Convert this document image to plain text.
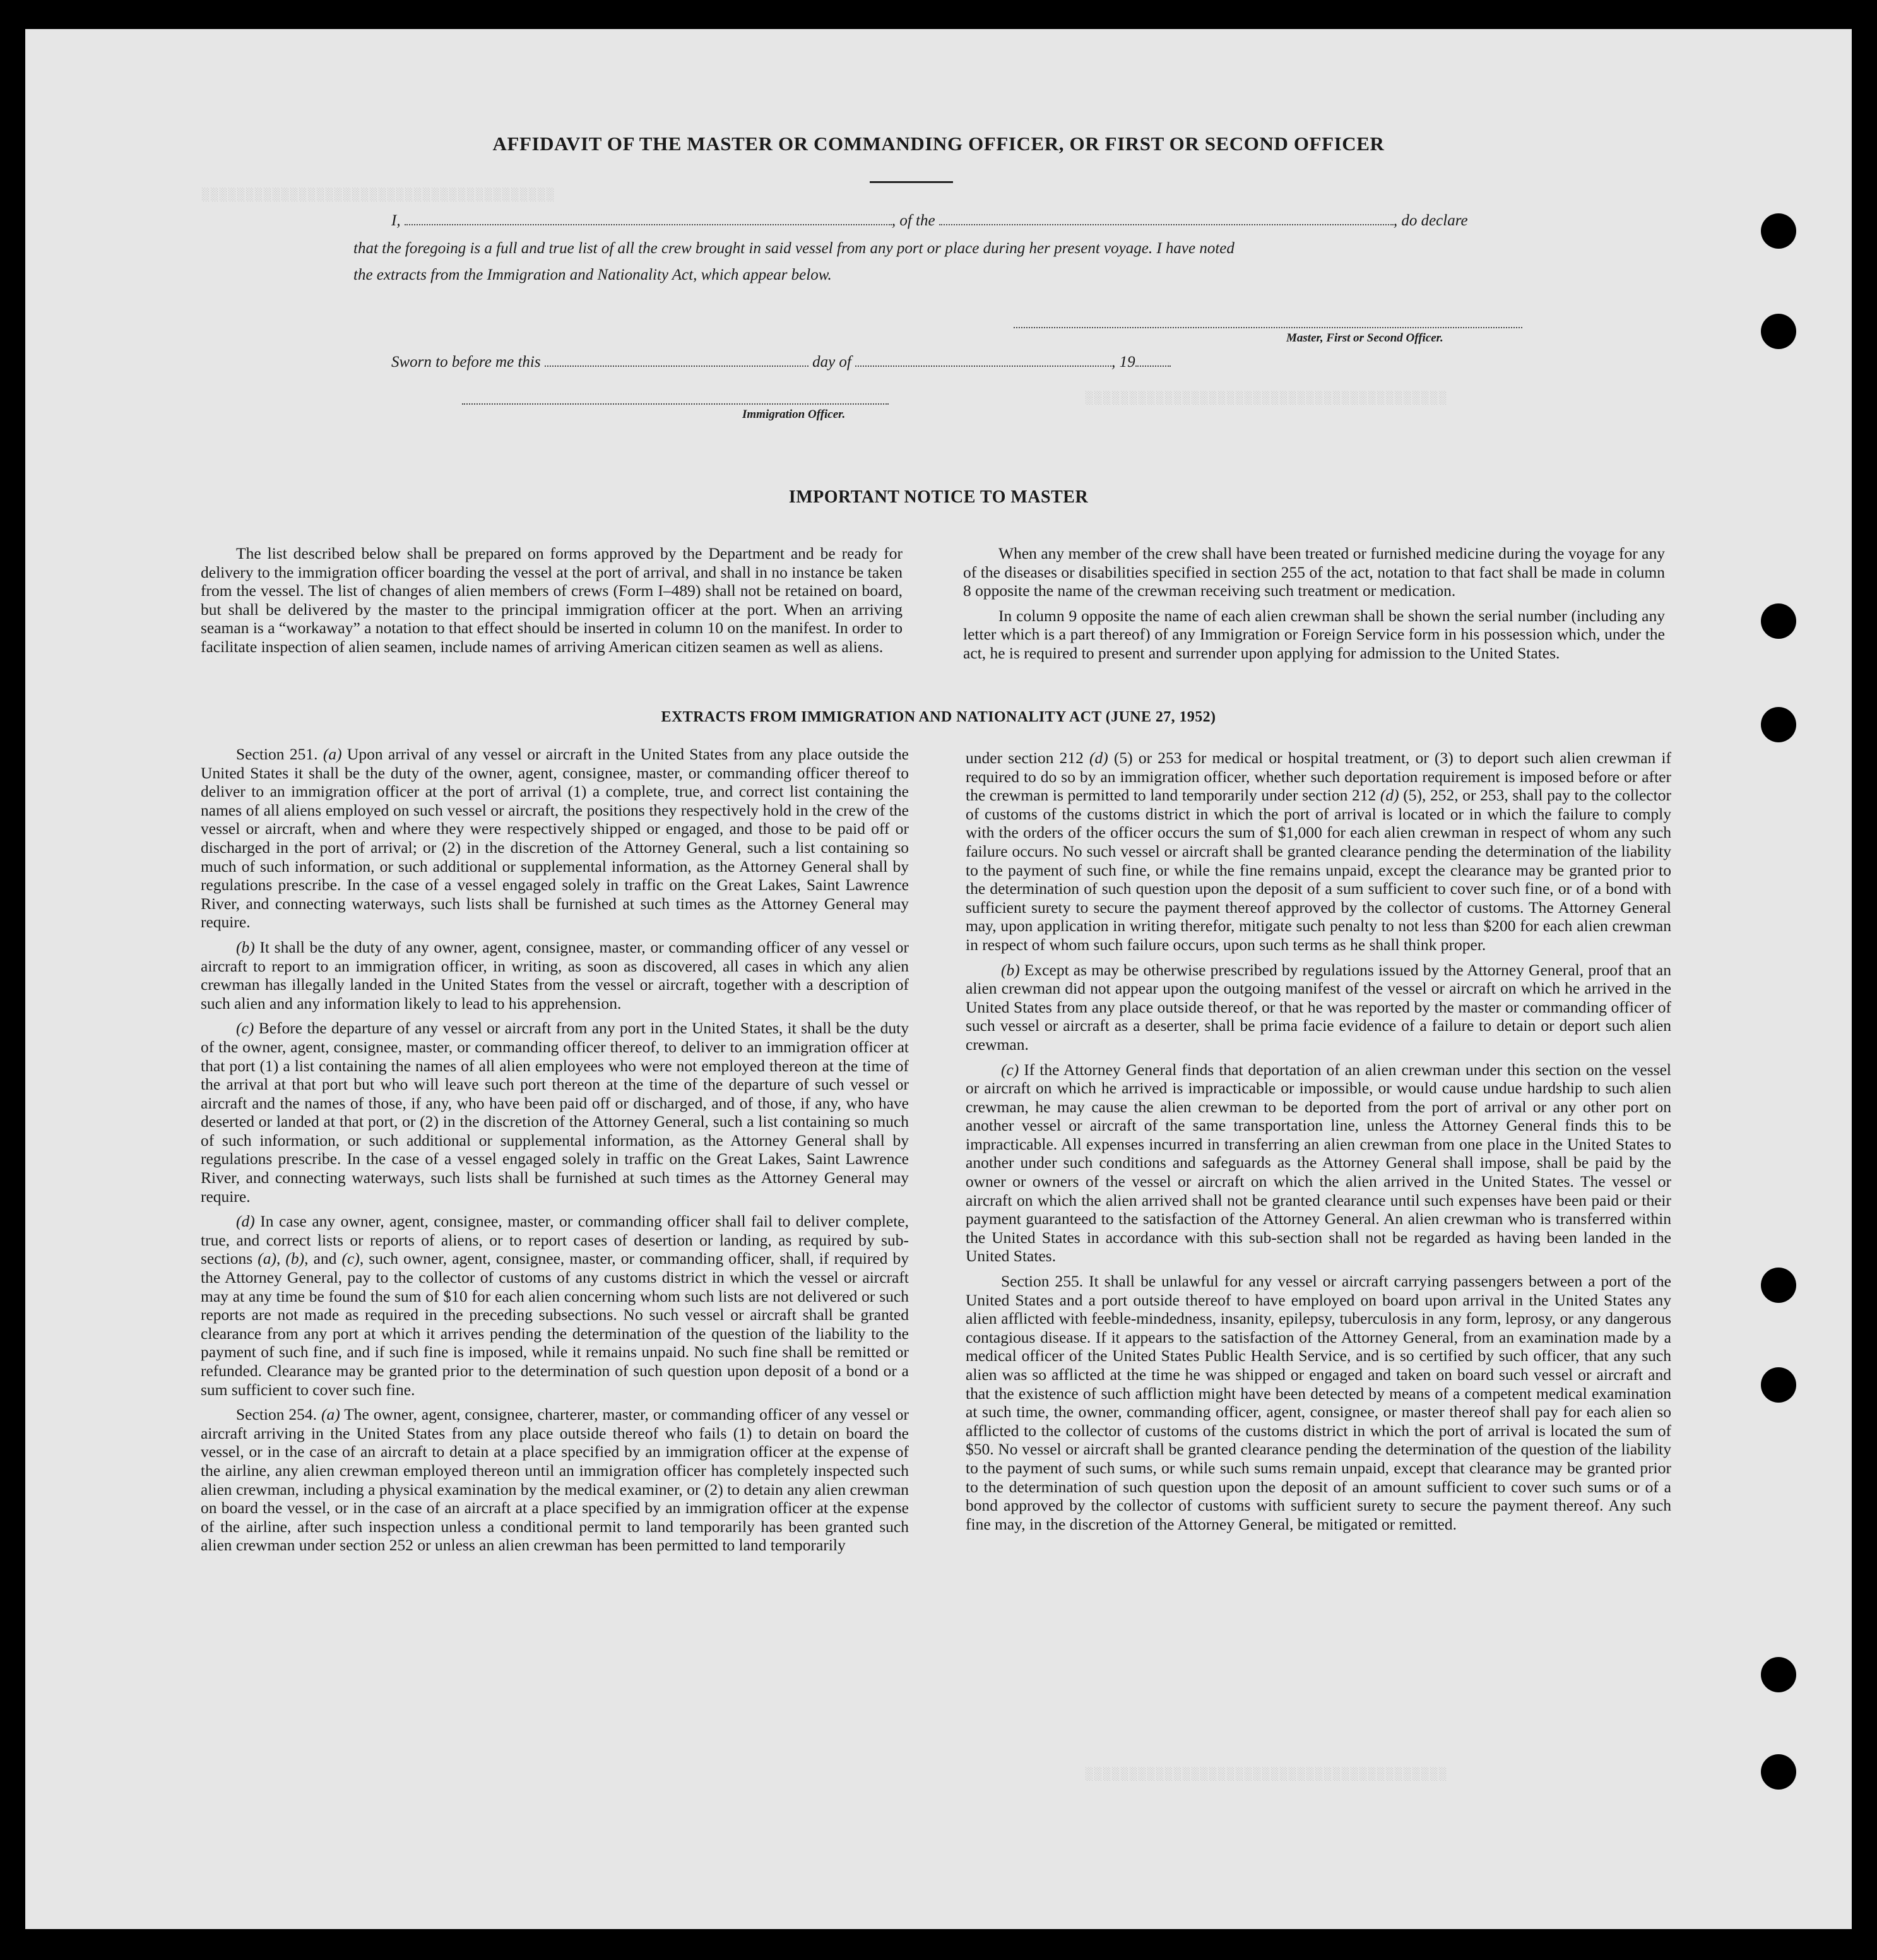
░░░░░░░░░░░░░░░░░░░░░░░░░░░░░░░░░░░░░░░░
░░░░░░░░░░░░░░░░░░░░░░░░░░░░░░░░░░░░░░░░░
░░░░░░░░░░░░░░░░░░░░░░░░░░░░░░░░░░░░░░░░░
AFFIDAVIT OF THE MASTER OR COMMANDING OFFICER, OR FIRST OR SECOND OFFICER
I,	, of the	, do declare
that the foregoing is a full and true list of all the crew brought in said vessel from any port or place during her present voyage. I have noted
the extracts from the Immigration and Nationality Act, which appear below.
Master, First or Second Officer.
Sworn to before me this	day of	, 19
Immigration Officer.
IMPORTANT NOTICE TO MASTER

The list described below shall be prepared on forms approved by the Department and be ready for delivery to the immigration officer boarding the vessel at the port of arrival, and shall in no instance be taken from the vessel. The list of changes of alien members of crews (Form I–489) shall not be retained on board, but shall be delivered by the master to the principal immigration officer at the port. When an arriving seaman is a “workaway” a notation to that effect should be inserted in column 10 on the manifest. In order to facilitate inspection of alien seamen, include names of arriving American citizen seamen as well as aliens.

When any member of the crew shall have been treated or furnished medicine during the voyage for any of the diseases or disabilities specified in section 255 of the act, notation to that fact shall be made in column 8 opposite the name of the crewman receiving such treatment or medication.

In column 9 opposite the name of each alien crewman shall be shown the serial number (including any letter which is a part thereof) of any Immigration or Foreign Service form in his possession which, under the act, he is required to present and surrender upon applying for admission to the United States.

EXTRACTS FROM IMMIGRATION AND NATIONALITY ACT (JUNE 27, 1952)

Section 251. (a) Upon arrival of any vessel or aircraft in the United States from any place outside the United States it shall be the duty of the owner, agent, consignee, master, or commanding officer thereof to deliver to an immigration officer at the port of arrival (1) a complete, true, and correct list containing the names of all aliens employed on such vessel or aircraft, the positions they respectively hold in the crew of the vessel or aircraft, when and where they were respectively shipped or engaged, and those to be paid off or discharged in the port of arrival; or (2) in the discretion of the Attorney General, such a list containing so much of such information, or such additional or supplemental information, as the Attorney General shall by regulations prescribe. In the case of a vessel engaged solely in traffic on the Great Lakes, Saint Lawrence River, and connecting waterways, such lists shall be furnished at such times as the Attorney General may require.

(b) It shall be the duty of any owner, agent, consignee, master, or commanding officer of any vessel or aircraft to report to an immigration officer, in writing, as soon as discovered, all cases in which any alien crewman has illegally landed in the United States from the vessel or aircraft, together with a description of such alien and any information likely to lead to his apprehension.

(c) Before the departure of any vessel or aircraft from any port in the United States, it shall be the duty of the owner, agent, consignee, master, or commanding officer thereof, to deliver to an immigration officer at that port (1) a list containing the names of all alien employees who were not employed thereon at the time of the arrival at that port but who will leave such port thereon at the time of the departure of such vessel or aircraft and the names of those, if any, who have been paid off or discharged, and of those, if any, who have deserted or landed at that port, or (2) in the discretion of the Attorney General, such a list containing so much of such information, or such additional or supplemental information, as the Attorney General shall by regulations prescribe. In the case of a vessel engaged solely in traffic on the Great Lakes, Saint Lawrence River, and connecting waterways, such lists shall be furnished at such times as the Attorney General may require.

(d) In case any owner, agent, consignee, master, or commanding officer shall fail to deliver complete, true, and correct lists or reports of aliens, or to report cases of desertion or landing, as required by sub-sections (a), (b), and (c), such owner, agent, consignee, master, or commanding officer, shall, if required by the Attorney General, pay to the collector of customs of any customs district in which the vessel or aircraft may at any time be found the sum of $10 for each alien concerning whom such lists are not delivered or such reports are not made as required in the preceding subsections. No such vessel or aircraft shall be granted clearance from any port at which it arrives pending the determination of the question of the liability to the payment of such fine, and if such fine is imposed, while it remains unpaid. No such fine shall be remitted or refunded. Clearance may be granted prior to the determination of such question upon deposit of a bond or a sum sufficient to cover such fine.

Section 254. (a) The owner, agent, consignee, charterer, master, or commanding officer of any vessel or aircraft arriving in the United States from any place outside thereof who fails (1) to detain on board the vessel, or in the case of an aircraft to detain at a place specified by an immigration officer at the expense of the airline, any alien crewman employed thereon until an immigration officer has completely inspected such alien crewman, including a physical examination by the medical examiner, or (2) to detain any alien crewman on board the vessel, or in the case of an aircraft at a place specified by an immigration officer at the expense of the airline, after such inspection unless a conditional permit to land temporarily has been granted such alien crewman under section 252 or unless an alien crewman has been permitted to land temporarily

under section 212 (d) (5) or 253 for medical or hospital treatment, or (3) to deport such alien crewman if required to do so by an immigration officer, whether such deportation requirement is imposed before or after the crewman is permitted to land temporarily under section 212 (d) (5), 252, or 253, shall pay to the collector of customs of the customs district in which the port of arrival is located or in which the failure to comply with the orders of the officer occurs the sum of $1,000 for each alien crewman in respect of whom any such failure occurs. No such vessel or aircraft shall be granted clearance pending the determination of the liability to the payment of such fine, or while the fine remains unpaid, except the clearance may be granted prior to the determination of such question upon the deposit of a sum sufficient to cover such fine, or of a bond with sufficient surety to secure the payment thereof approved by the collector of customs. The Attorney General may, upon application in writing therefor, mitigate such penalty to not less than $200 for each alien crewman in respect of whom such failure occurs, upon such terms as he shall think proper.

(b) Except as may be otherwise prescribed by regulations issued by the Attorney General, proof that an alien crewman did not appear upon the outgoing manifest of the vessel or aircraft on which he arrived in the United States from any place outside thereof, or that he was reported by the master or commanding officer of such vessel or aircraft as a deserter, shall be prima facie evidence of a failure to detain or deport such alien crewman.

(c) If the Attorney General finds that deportation of an alien crewman under this section on the vessel or aircraft on which he arrived is impracticable or impossible, or would cause undue hardship to such alien crewman, he may cause the alien crewman to be deported from the port of arrival or any other port on another vessel or aircraft of the same transportation line, unless the Attorney General finds this to be impracticable. All expenses incurred in transferring an alien crewman from one place in the United States to another under such conditions and safeguards as the Attorney General shall impose, shall be paid by the owner or owners of the vessel or aircraft on which the alien arrived in the United States. The vessel or aircraft on which the alien arrived shall not be granted clearance until such expenses have been paid or their payment guaranteed to the satisfaction of the Attorney General. An alien crewman who is transferred within the United States in accordance with this sub-section shall not be regarded as having been landed in the United States.

Section 255. It shall be unlawful for any vessel or aircraft carrying passengers between a port of the United States and a port outside thereof to have employed on board upon arrival in the United States any alien afflicted with feeble-mindedness, insanity, epilepsy, tuberculosis in any form, leprosy, or any dangerous contagious disease. If it appears to the satisfaction of the Attorney General, from an examination made by a medical officer of the United States Public Health Service, and is so certified by such officer, that any such alien was so afflicted at the time he was shipped or engaged and taken on board such vessel or aircraft and that the existence of such affliction might have been detected by means of a competent medical examination at such time, the owner, commanding officer, agent, consignee, or master thereof shall pay for each alien so afflicted to the collector of customs of the customs district in which the port of arrival is located the sum of $50. No vessel or aircraft shall be granted clearance pending the determination of the question of the liability to the payment of such sums, or while such sums remain unpaid, except that clearance may be granted prior to the determination of such question upon the deposit of an amount sufficient to cover such sums or of a bond approved by the collector of customs with sufficient surety to secure the payment thereof. Any such fine may, in the discretion of the Attorney General, be mitigated or remitted.
